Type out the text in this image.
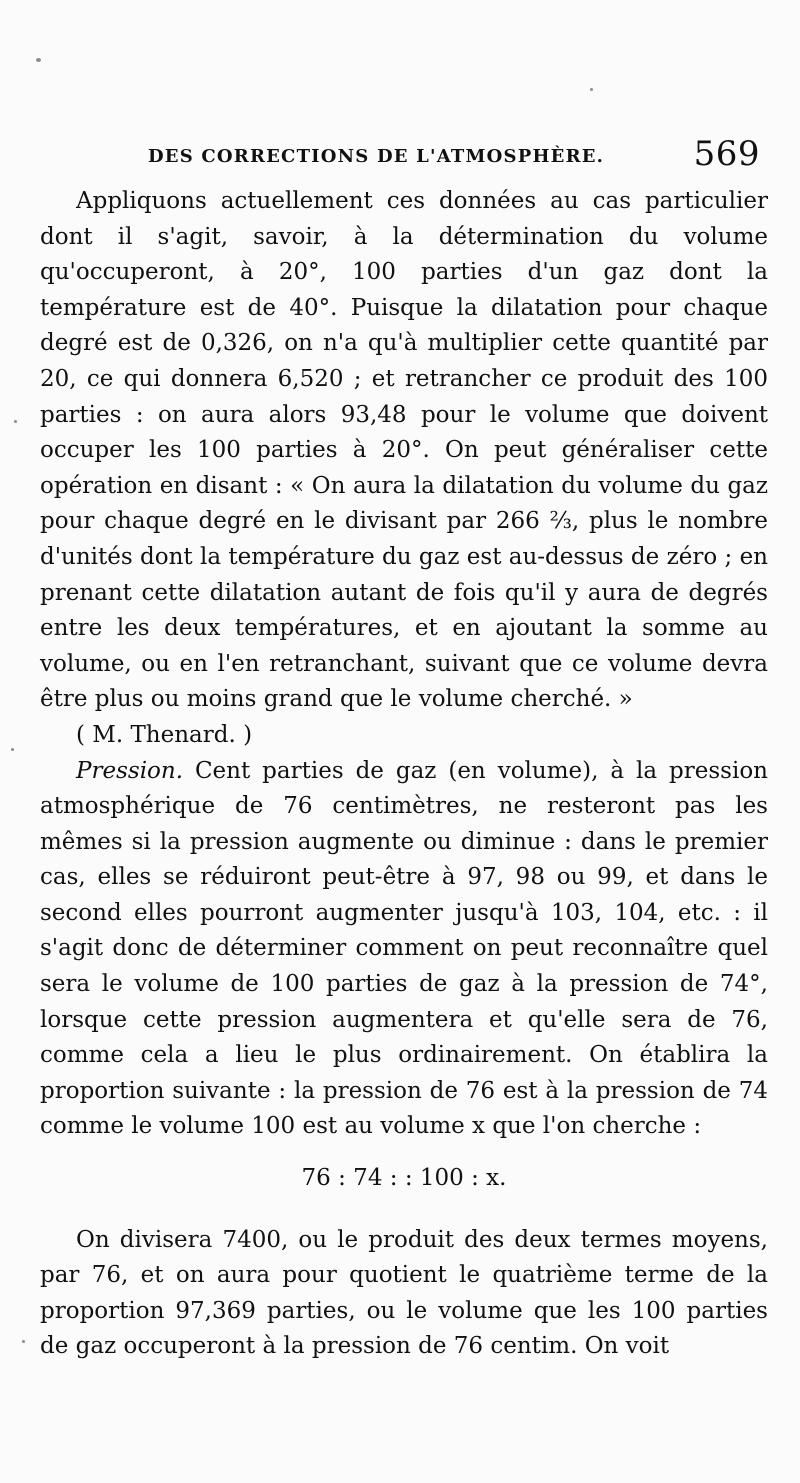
DES CORRECTIONS DE L'ATMOSPHÈRE.	569

Appliquons actuellement ces données au cas particulier dont il s'agit, savoir, à la détermination du volume qu'occuperont, à 20°, 100 parties d'un gaz dont la température est de 40°. Puisque la dilatation pour chaque degré est de 0,326, on n'a qu'à multiplier cette quantité par 20, ce qui donnera 6,520 ; et retrancher ce produit des 100 parties : on aura alors 93,48 pour le volume que doivent occuper les 100 parties à 20°. On peut généraliser cette opération en disant : « On aura la dilatation du volume du gaz pour chaque degré en le divisant par 266 ⅔, plus le nombre d'unités dont la température du gaz est au-dessus de zéro ; en prenant cette dilatation autant de fois qu'il y aura de degrés entre les deux températures, et en ajoutant la somme au volume, ou en l'en retranchant, suivant que ce volume devra être plus ou moins grand que le volume cherché. »
( M. Thenard. )

Pression. Cent parties de gaz (en volume), à la pression atmosphérique de 76 centimètres, ne resteront pas les mêmes si la pression augmente ou diminue : dans le premier cas, elles se réduiront peut-être à 97, 98 ou 99, et dans le second elles pourront augmenter jusqu'à 103, 104, etc. : il s'agit donc de déterminer comment on peut reconnaître quel sera le volume de 100 parties de gaz à la pression de 74°, lorsque cette pression augmentera et qu'elle sera de 76, comme cela a lieu le plus ordinairement. On établira la proportion suivante : la pression de 76 est à la pression de 74 comme le volume 100 est au volume x que l'on cherche :

76 : 74 : : 100 : x.

On divisera 7400, ou le produit des deux termes moyens, par 76, et on aura pour quotient le quatrième terme de la proportion 97,369 parties, ou le volume que les 100 parties de gaz occuperont à la pression de 76 centim. On voit
